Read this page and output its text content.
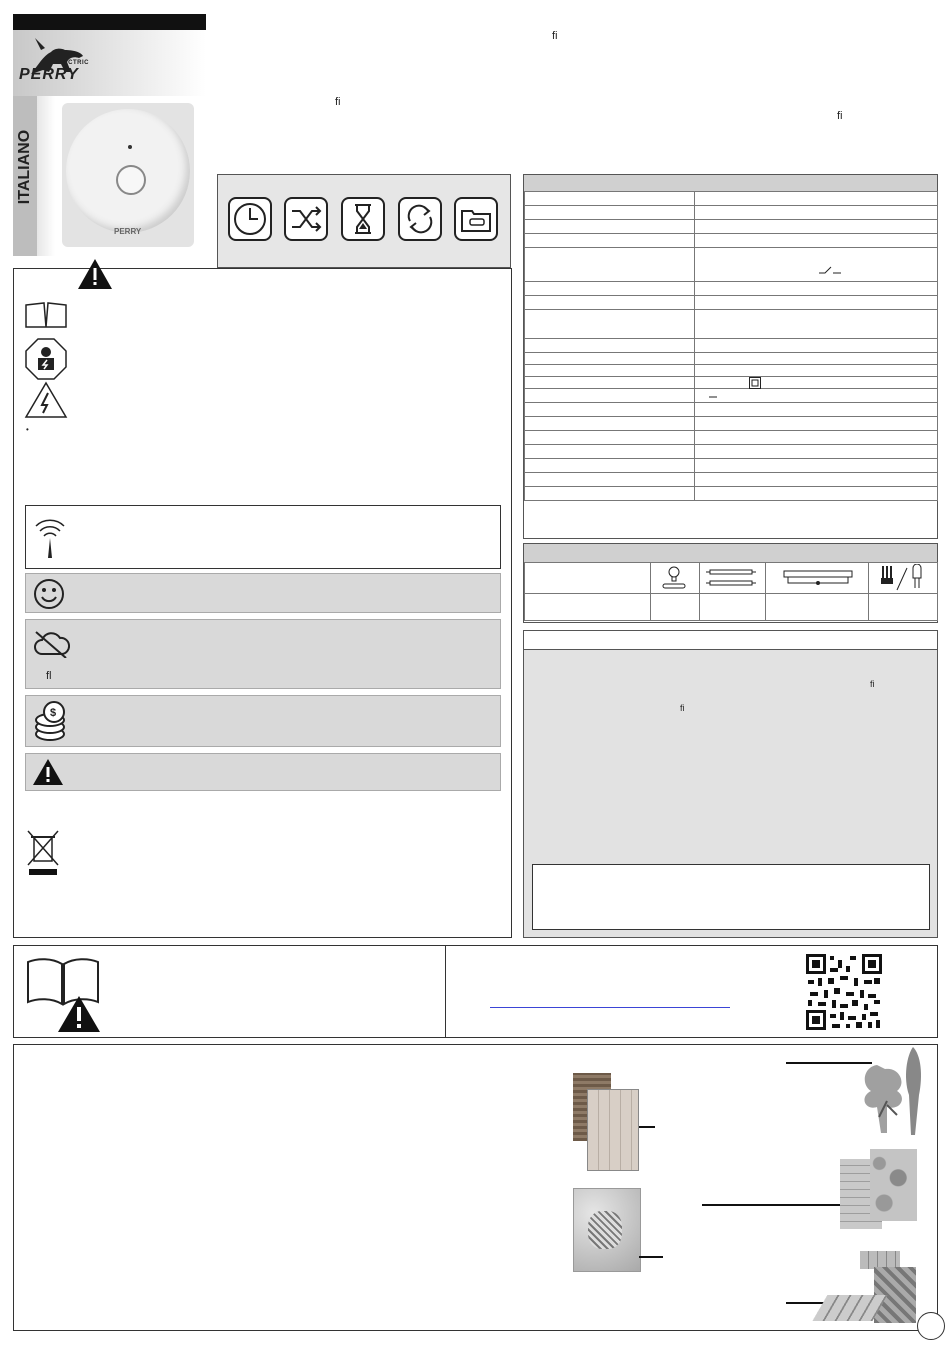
ELECTRIC
PERRY
ITALIANO
PERRY
ﬁ
ﬁ
ﬁ
•
ﬂ
$

ﬁ
ﬁ
